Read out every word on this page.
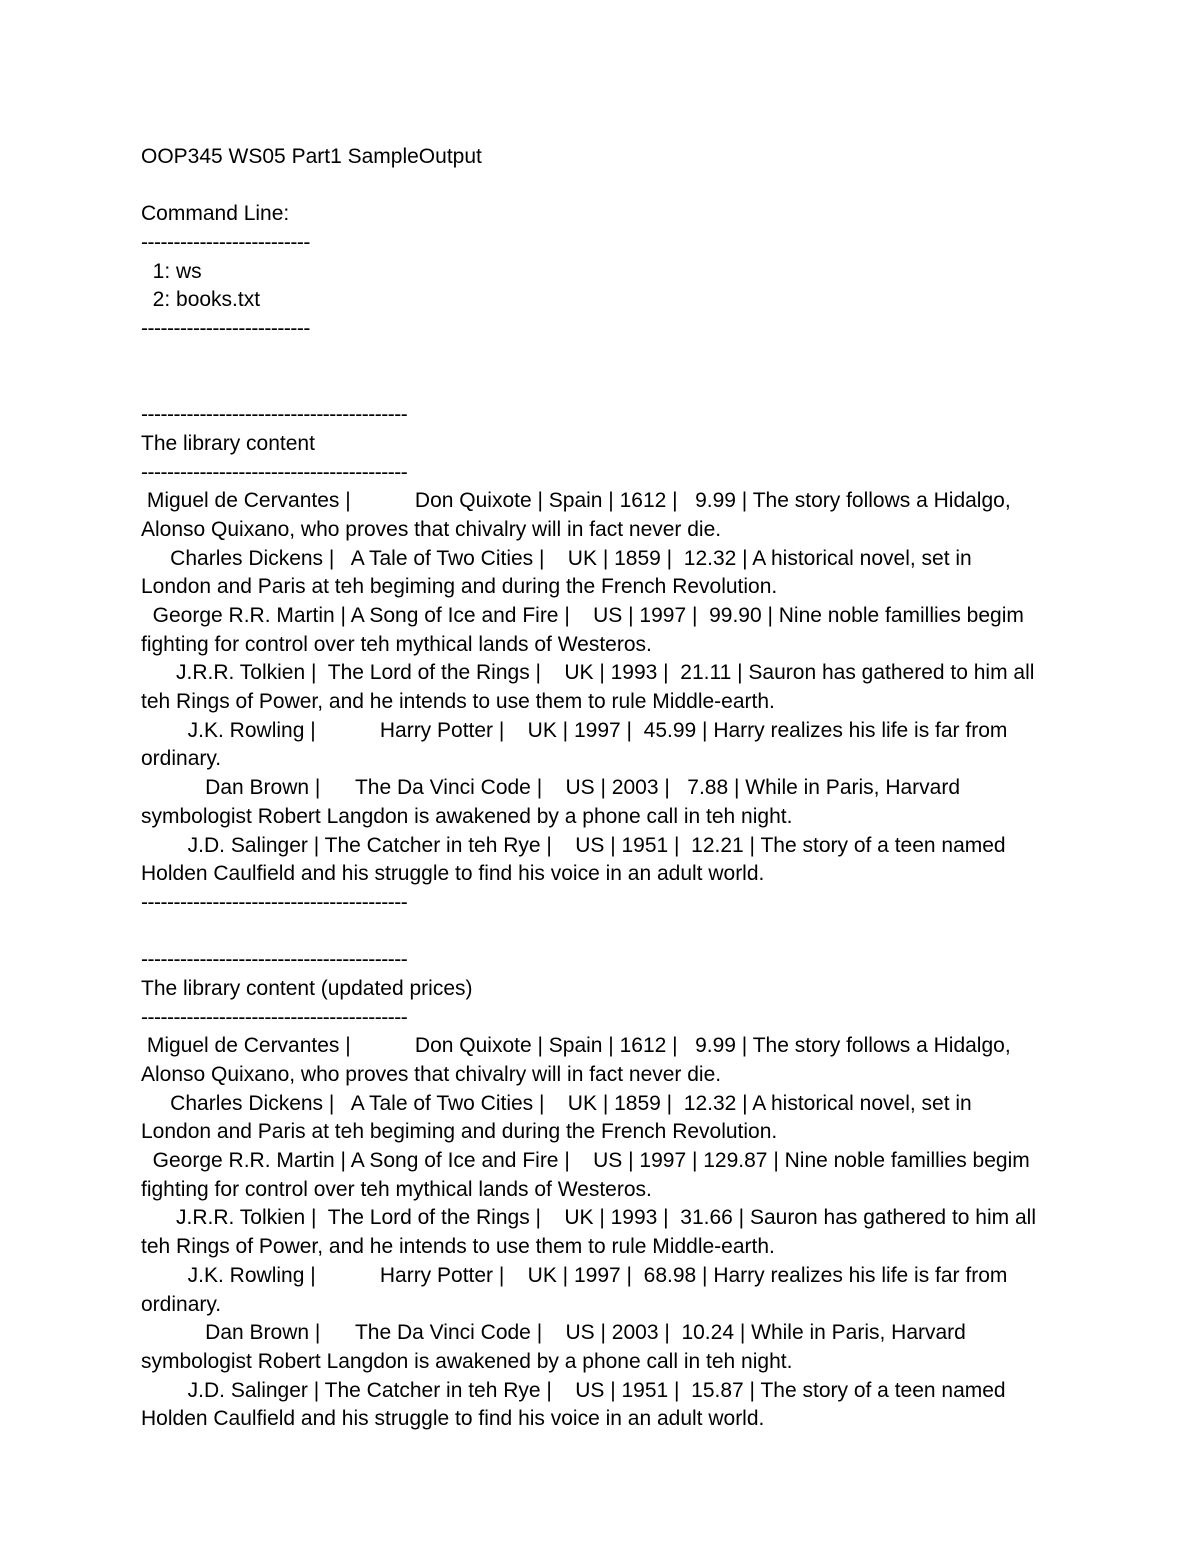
OOP345 WS05 Part1 SampleOutput
Command Line:
--------------------------
1: ws
2: books.txt
--------------------------
-----------------------------------------
The library content
-----------------------------------------
Miguel de Cervantes |           Don Quixote | Spain | 1612 |   9.99 | The story follows a Hidalgo,
Alonso Quixano, who proves that chivalry will in fact never die.
Charles Dickens |   A Tale of Two Cities |    UK | 1859 |  12.32 | A historical novel, set in
London and Paris at teh begiming and during the French Revolution.
George R.R. Martin | A Song of Ice and Fire |    US | 1997 |  99.90 | Nine noble famillies begim
fighting for control over teh mythical lands of Westeros.
J.R.R. Tolkien |  The Lord of the Rings |    UK | 1993 |  21.11 | Sauron has gathered to him all
teh Rings of Power, and he intends to use them to rule Middle-earth.
J.K. Rowling |           Harry Potter |    UK | 1997 |  45.99 | Harry realizes his life is far from
ordinary.
Dan Brown |      The Da Vinci Code |    US | 2003 |   7.88 | While in Paris, Harvard
symbologist Robert Langdon is awakened by a phone call in teh night.
J.D. Salinger | The Catcher in teh Rye |    US | 1951 |  12.21 | The story of a teen named
Holden Caulfield and his struggle to find his voice in an adult world.
-----------------------------------------
-----------------------------------------
The library content (updated prices)
-----------------------------------------
Miguel de Cervantes |           Don Quixote | Spain | 1612 |   9.99 | The story follows a Hidalgo,
Alonso Quixano, who proves that chivalry will in fact never die.
Charles Dickens |   A Tale of Two Cities |    UK | 1859 |  12.32 | A historical novel, set in
London and Paris at teh begiming and during the French Revolution.
George R.R. Martin | A Song of Ice and Fire |    US | 1997 | 129.87 | Nine noble famillies begim
fighting for control over teh mythical lands of Westeros.
J.R.R. Tolkien |  The Lord of the Rings |    UK | 1993 |  31.66 | Sauron has gathered to him all
teh Rings of Power, and he intends to use them to rule Middle-earth.
J.K. Rowling |           Harry Potter |    UK | 1997 |  68.98 | Harry realizes his life is far from
ordinary.
Dan Brown |      The Da Vinci Code |    US | 2003 |  10.24 | While in Paris, Harvard
symbologist Robert Langdon is awakened by a phone call in teh night.
J.D. Salinger | The Catcher in teh Rye |    US | 1951 |  15.87 | The story of a teen named
Holden Caulfield and his struggle to find his voice in an adult world.
